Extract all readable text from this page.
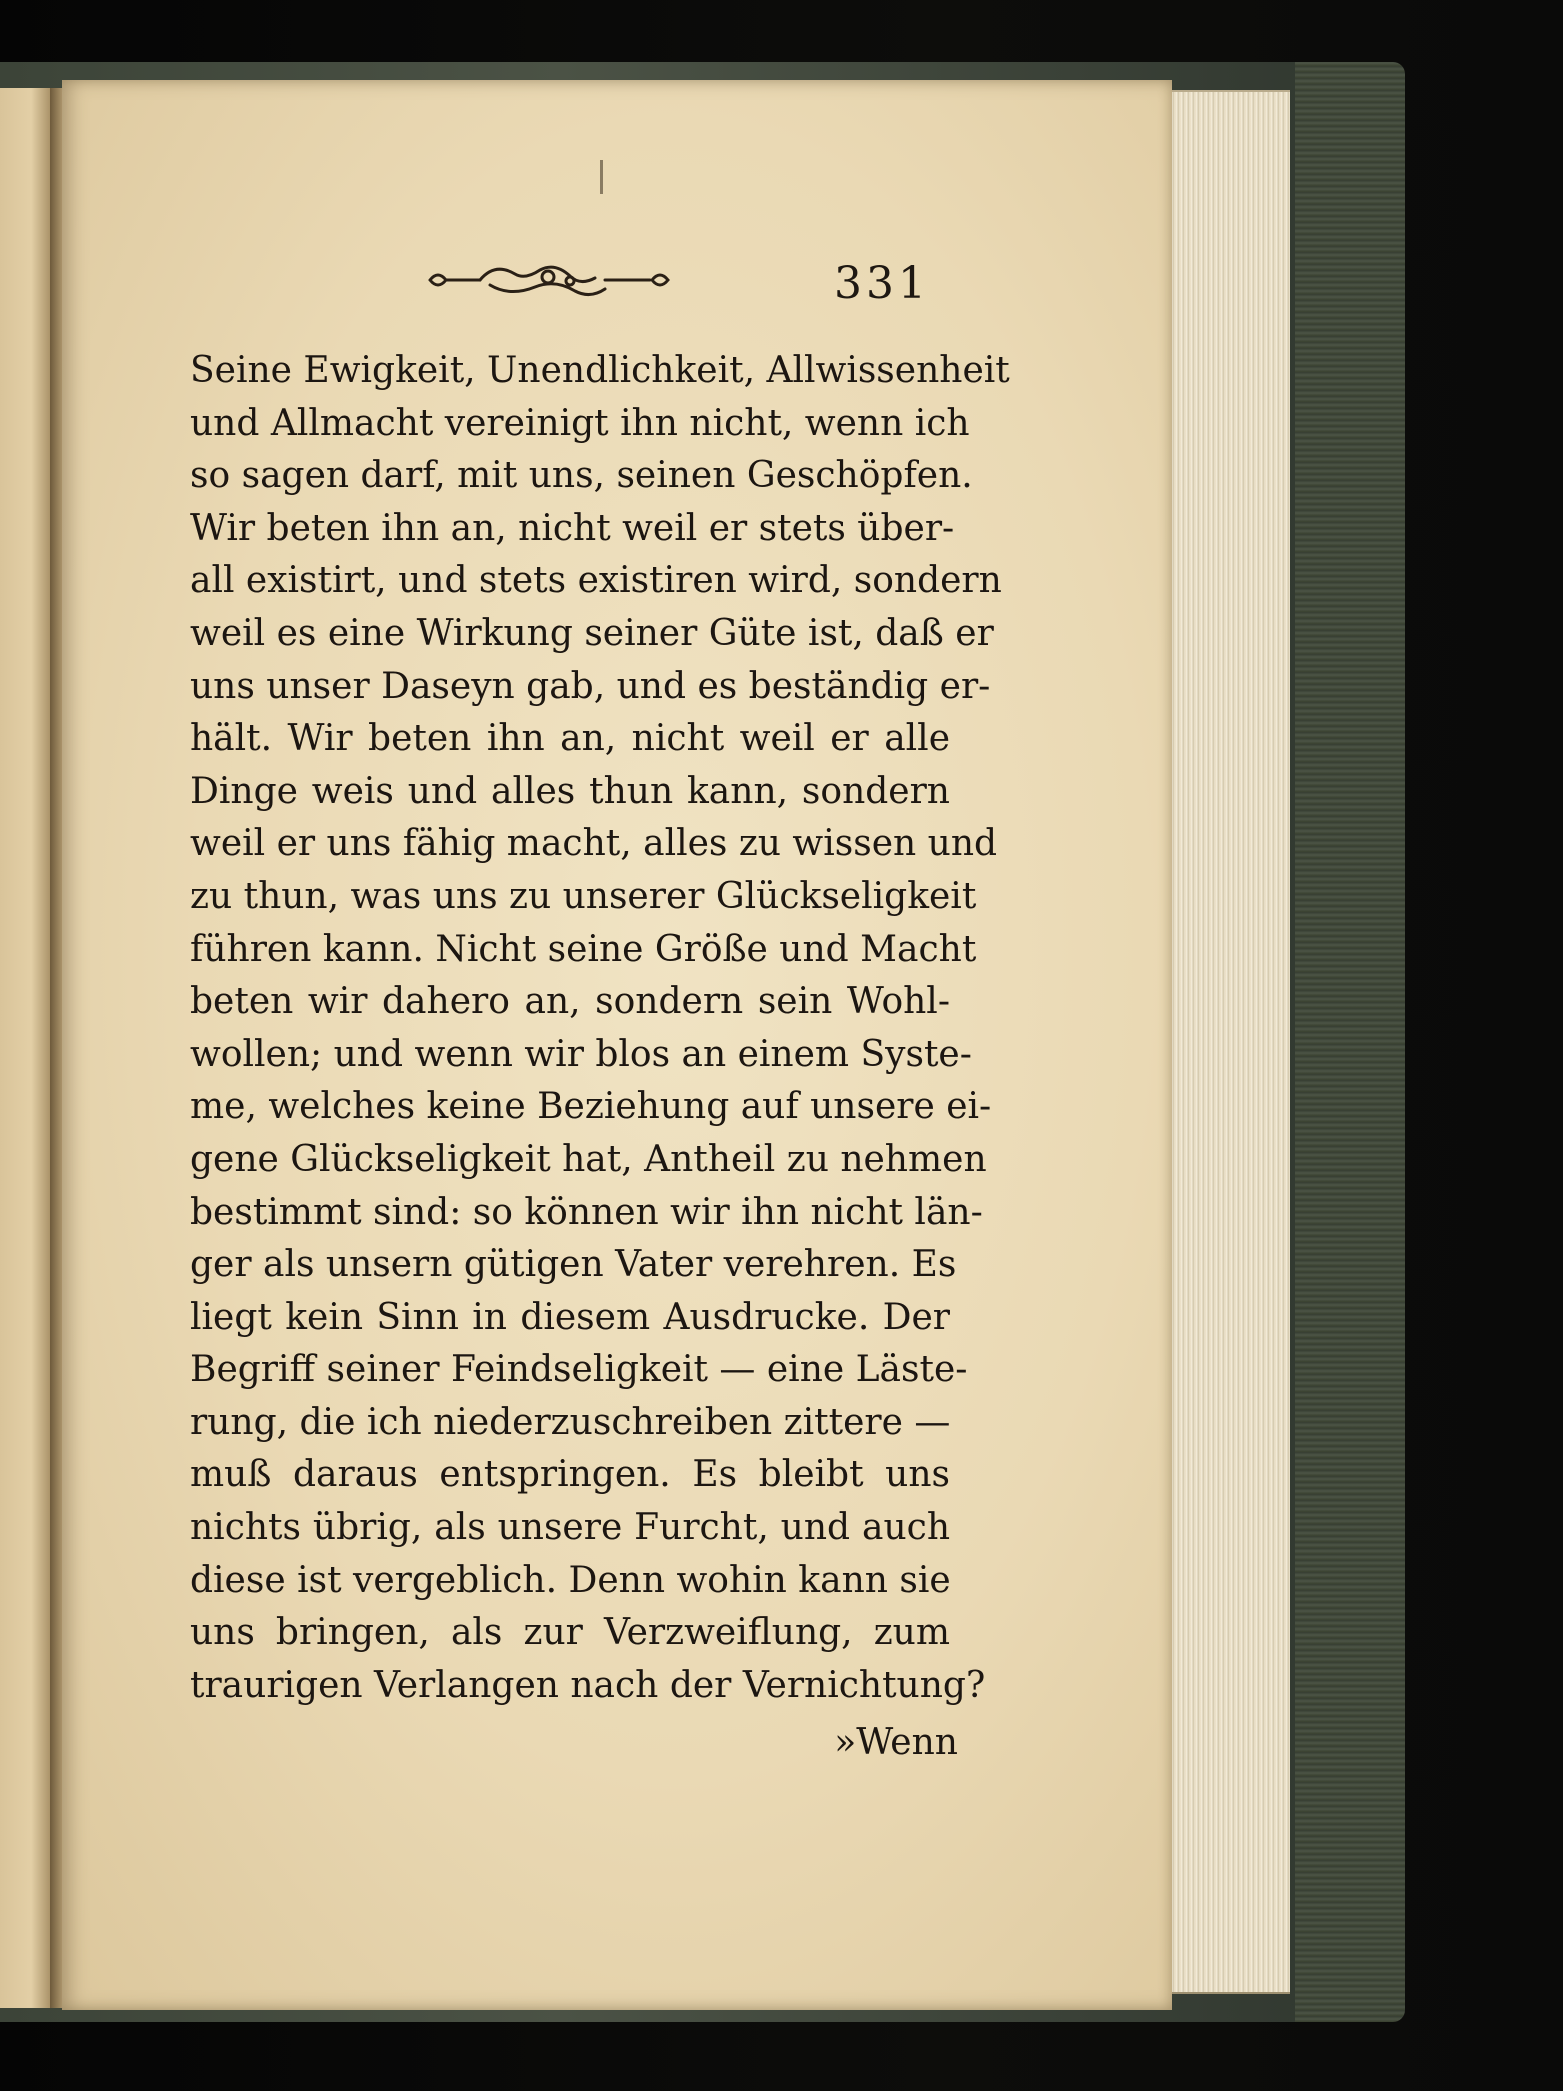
331
Seine Ewigkeit, Unendlichkeit, Allwissenheit
und Allmacht vereinigt ihn nicht, wenn ich
so sagen darf, mit uns, seinen Geschöpfen.
Wir beten ihn an, nicht weil er stets über-
all existirt, und stets existiren wird, sondern
weil es eine Wirkung seiner Güte ist, daß er
uns unser Daseyn gab, und es beständig er-
hält. Wir beten ihn an, nicht weil er alle
Dinge weis und alles thun kann, sondern
weil er uns fähig macht, alles zu wissen und
zu thun, was uns zu unserer Glückseligkeit
führen kann. Nicht seine Größe und Macht
beten wir dahero an, sondern sein Wohl-
wollen; und wenn wir blos an einem Syste-
me, welches keine Beziehung auf unsere ei-
gene Glückseligkeit hat, Antheil zu nehmen
bestimmt sind: so können wir ihn nicht län-
ger als unsern gütigen Vater verehren. Es
liegt kein Sinn in diesem Ausdrucke. Der
Begriff seiner Feindseligkeit — eine Läste-
rung, die ich niederzuschreiben zittere —
muß daraus entspringen. Es bleibt uns
nichts übrig, als unsere Furcht, und auch
diese ist vergeblich. Denn wohin kann sie
uns bringen, als zur Verzweiflung, zum
traurigen Verlangen nach der Vernichtung?
»Wenn
